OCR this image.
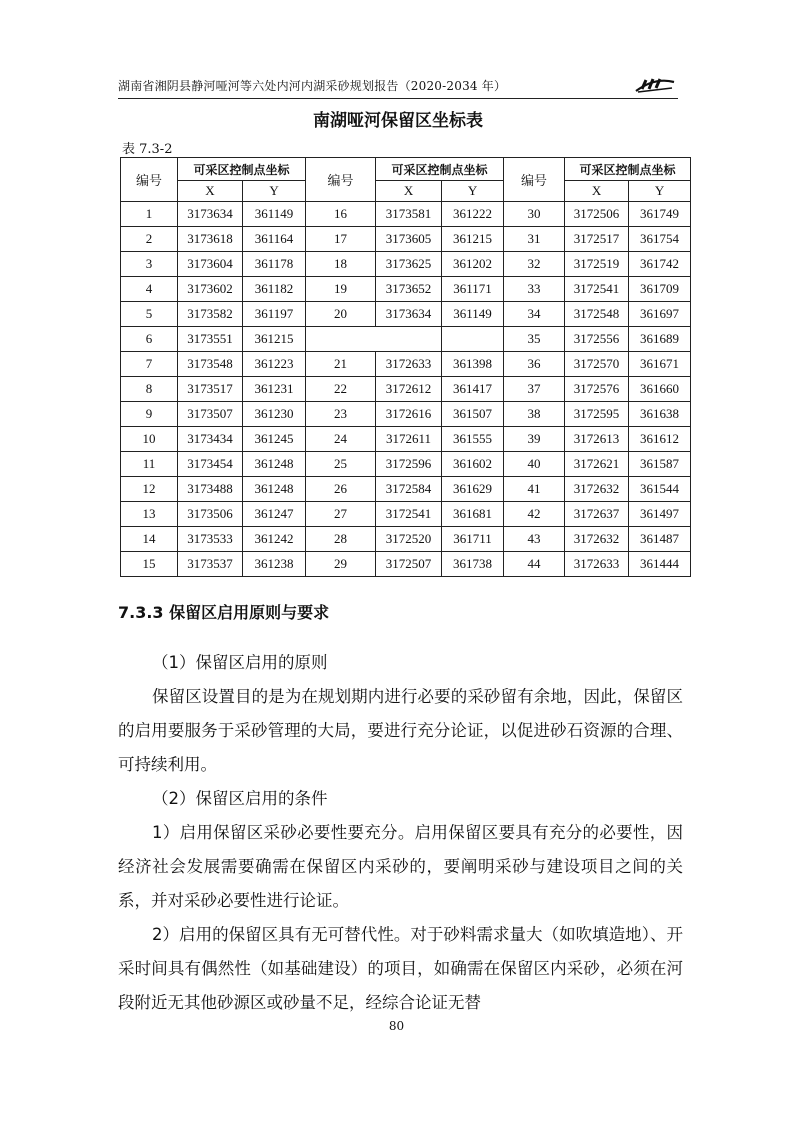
湖南省湘阴县静河哑河等六处内河内湖采砂规划报告（2020-2034 年）
南湖哑河保留区坐标表
表 7.3-2
编号	可采区控制点坐标		编号	可采区控制点坐标		编号	可采区控制点坐标	
	X	Y		X	Y		X	Y
1	3173634	361149	16	3173581	361222	30	3172506	361749
2	3173618	361164	17	3173605	361215	31	3172517	361754
3	3173604	361178	18	3173625	361202	32	3172519	361742
4	3173602	361182	19	3173652	361171	33	3172541	361709
5	3173582	361197	20	3173634	361149	34	3172548	361697
6	3173551	361215				35	3172556	361689
7	3173548	361223	21	3172633	361398	36	3172570	361671
8	3173517	361231	22	3172612	361417	37	3172576	361660
9	3173507	361230	23	3172616	361507	38	3172595	361638
10	3173434	361245	24	3172611	361555	39	3172613	361612
11	3173454	361248	25	3172596	361602	40	3172621	361587
12	3173488	361248	26	3172584	361629	41	3172632	361544
13	3173506	361247	27	3172541	361681	42	3172637	361497
14	3173533	361242	28	3172520	361711	43	3172632	361487
15	3173537	361238	29	3172507	361738	44	3172633	361444
7.3.3 保留区启用原则与要求
（1）保留区启用的原则
保留区设置目的是为在规划期内进行必要的采砂留有余地，因此，保留区的启用要服务于采砂管理的大局，要进行充分论证，以促进砂石资源的合理、可持续利用。
（2）保留区启用的条件
1）启用保留区采砂必要性要充分。启用保留区要具有充分的必要性，因经济社会发展需要确需在保留区内采砂的，要阐明采砂与建设项目之间的关系，并对采砂必要性进行论证。
2）启用的保留区具有无可替代性。对于砂料需求量大（如吹填造地）、开采时间具有偶然性（如基础建设）的项目，如确需在保留区内采砂，必须在河段附近无其他砂源区或砂量不足，经综合论证无替
80
